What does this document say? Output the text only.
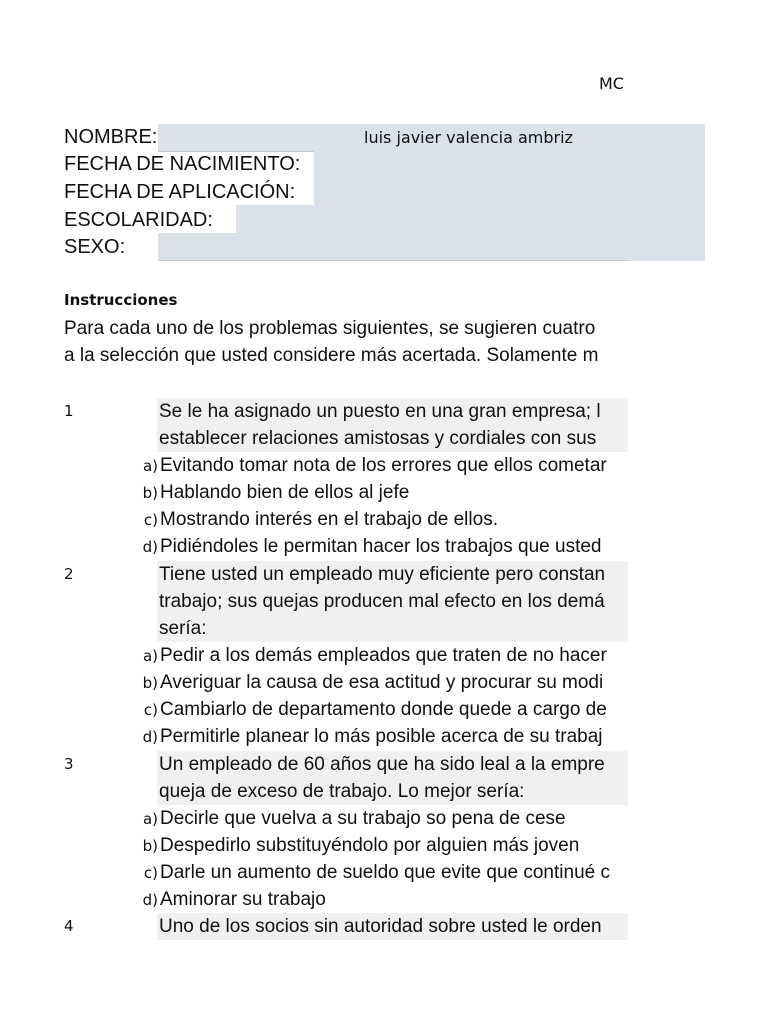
MC
NOMBRE:	luis javier valencia ambriz
FECHA DE NACIMIENTO:
FECHA DE APLICACIÓN:
ESCOLARIDAD:
SEXO:
Instrucciones
Para cada uno de los problemas siguientes, se sugieren cuatro
a la selección que usted considere más acertada. Solamente m
1	Se le ha asignado un puesto en una gran empresa; l
establecer relaciones amistosas y cordiales con sus
a) Evitando tomar nota de los errores que ellos cometar
b) Hablando bien de ellos al jefe
c) Mostrando interés en el trabajo de ellos.
d) Pidiéndoles le permitan hacer los trabajos que usted
2	Tiene usted un empleado muy eficiente pero constan
trabajo; sus quejas producen mal efecto en los demá
sería:
a) Pedir a los demás empleados que traten de no hacer
b) Averiguar la causa de esa actitud y procurar su modi
c) Cambiarlo de departamento donde quede a cargo de
d) Permitirle planear lo más posible acerca de su trabaj
3	Un empleado de 60 años que ha sido leal a la empre
queja de exceso de trabajo. Lo mejor sería:
a) Decirle que vuelva a su trabajo so pena de cese
b) Despedirlo substituyéndolo por alguien más joven
c) Darle un aumento de sueldo que evite que continué c
d) Aminorar su trabajo
4	Uno de los socios sin autoridad sobre usted le orden
